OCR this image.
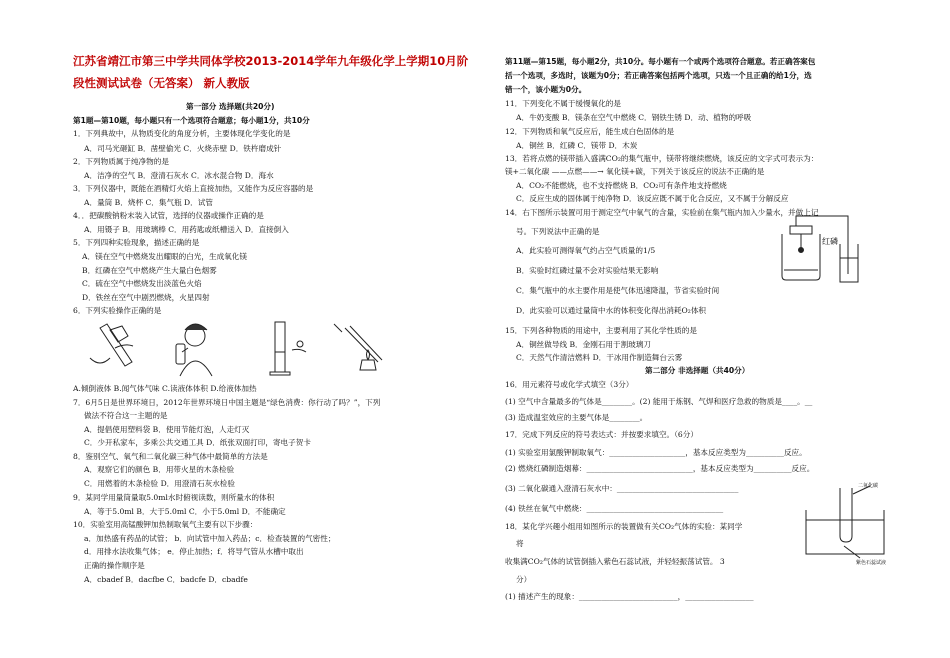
江苏省靖江市第三中学共同体学校2013-2014学年九年级化学上学期10月阶段性测试试卷（无答案） 新人教版
红磷
二氧化碳
紫色石蕊试液
第一部分 选择题(共20分)
第1题—第10题，每小题只有一个选项符合题意；每小题1分，共10分
1．下列典故中，从物质变化的角度分析，主要体现化学变化的是
A．司马光砸缸 B．凿壁偷光 C．火烧赤壁 D．铁杵磨成针
2．下列物质属于纯净物的是
A．洁净的空气 B．澄清石灰水 C．冰水混合物 D．海水
3．下列仪器中，既能在酒精灯火焰上直接加热，又能作为反应容器的是
A．量筒 B．烧杯 C．集气瓶 D．试管
4．．把碳酸钠粉末装入试管，选择的仪器或操作正确的是
A．用镊子 B．用玻璃棒 C．用药匙或纸槽送入 D．直接倒入
5．下列四种实验现象，描述正确的是
A．镁在空气中燃烧发出耀眼的白光，生成氧化镁
B．红磷在空气中燃烧产生大量白色烟雾
C．硫在空气中燃烧发出淡蓝色火焰
D．铁丝在空气中剧烈燃烧，火星四射
6．下列实验操作正确的是
A.倾倒液体 B.闻气体气味 C.读液体体积 D.给液体加热
7．6月5日是世界环境日，2012年世界环境日中国主题是“绿色消费：你行动了吗？”，下列
做法不符合这一主题的是
A．提倡使用塑料袋 B．使用节能灯泡，人走灯灭
C．少开私家车，多乘公共交通工具 D．纸张双面打印，寄电子贺卡
8．鉴别空气、氧气和二氧化碳三种气体中最简单的方法是
A．观察它们的颜色 B．用带火星的木条检验
C．用燃着的木条检验 D．用澄清石灰水检验
9．某同学用量筒量取5.0ml水时俯视读数，则所量水的体积
A．等于5.0ml B．大于5.0ml C．小于5.0ml D．不能确定
10．实验室用高锰酸钾加热制取氧气主要有以下步骤：
a．加热盛有药品的试管； b．向试管中加入药品；c．检查装置的气密性；
d．用排水法收集气体； e．停止加热；f．将导气管从水槽中取出
正确的操作顺序是
A．cbadef B．dacfbe C．badcfe D．cbadfe
第11题—第15题，每小题2分，共10分。每小题有一个或两个选项符合题意。若正确答案包
括一个选项，多选时，该题为0分；若正确答案包括两个选项，只选一个且正确的给1分，选
错一个，该小题为0分。
11．下列变化不属于缓慢氧化的是
A．牛奶变酸 B．镁条在空气中燃烧 C．钢铁生锈 D．动、植物的呼吸
12．下列物质和氧气反应后，能生成白色固体的是
A．铜丝 B．红磷 C．镁带 D．木炭
13．若将点燃的镁带插入盛满CO₂的集气瓶中，镁带将继续燃烧，该反应的文字式可表示为：
镁+二氧化碳 ——点燃——→ 氧化镁+碳，下列关于该反应的说法不正确的是
A．CO₂不能燃烧，也不支持燃烧 B．CO₂可有条件地支持燃烧
C．反应生成的固体属于纯净物 D．该反应既不属于化合反应，又不属于分解反应
14．右下图所示装置可用于测定空气中氧气的含量，实验前在集气瓶内加入少量水，并做上记
号。下列说法中正确的是
A．此实验可测得氧气约占空气质量的1/5
B．实验时红磷过量不会对实验结果无影响
C．集气瓶中的水主要作用是使气体迅速降温，节省实验时间
D．此实验可以通过量筒中水的体积变化得出消耗O₂体积
15．下列各种物质的用途中，主要利用了其化学性质的是
A．铜丝做导线 B．金刚石用于割玻璃刀
C．天然气作清洁燃料 D．干冰用作制造舞台云雾
第二部分 非选择题（共40分）
16．用元素符号或化学式填空（3分）
(1) 空气中含量最多的气体是________。(2) 能用于炼钢、气焊和医疗急救的物质是____。__
(3) 造成温室效应的主要气体是________。
17．完成下列反应的符号表达式：并按要求填空。（6分）
(1) 实验室用氯酸钾制取氧气：____________________，基本反应类型为__________反应。
(2) 燃烧红磷制造烟幕：____________________________，基本反应类型为__________反应。
(3) 二氧化碳通入澄清石灰水中：________________________________
(4) 铁丝在氧气中燃烧：____________________________________
18．某化学兴趣小组用如图所示的装置做有关CO₂气体的实验：某同学
将
收集满CO₂气体的试管倒插入紫色石蕊试液，并轻轻振荡试管。 3
分）
(1) 描述产生的现象：__________________________，__________________
